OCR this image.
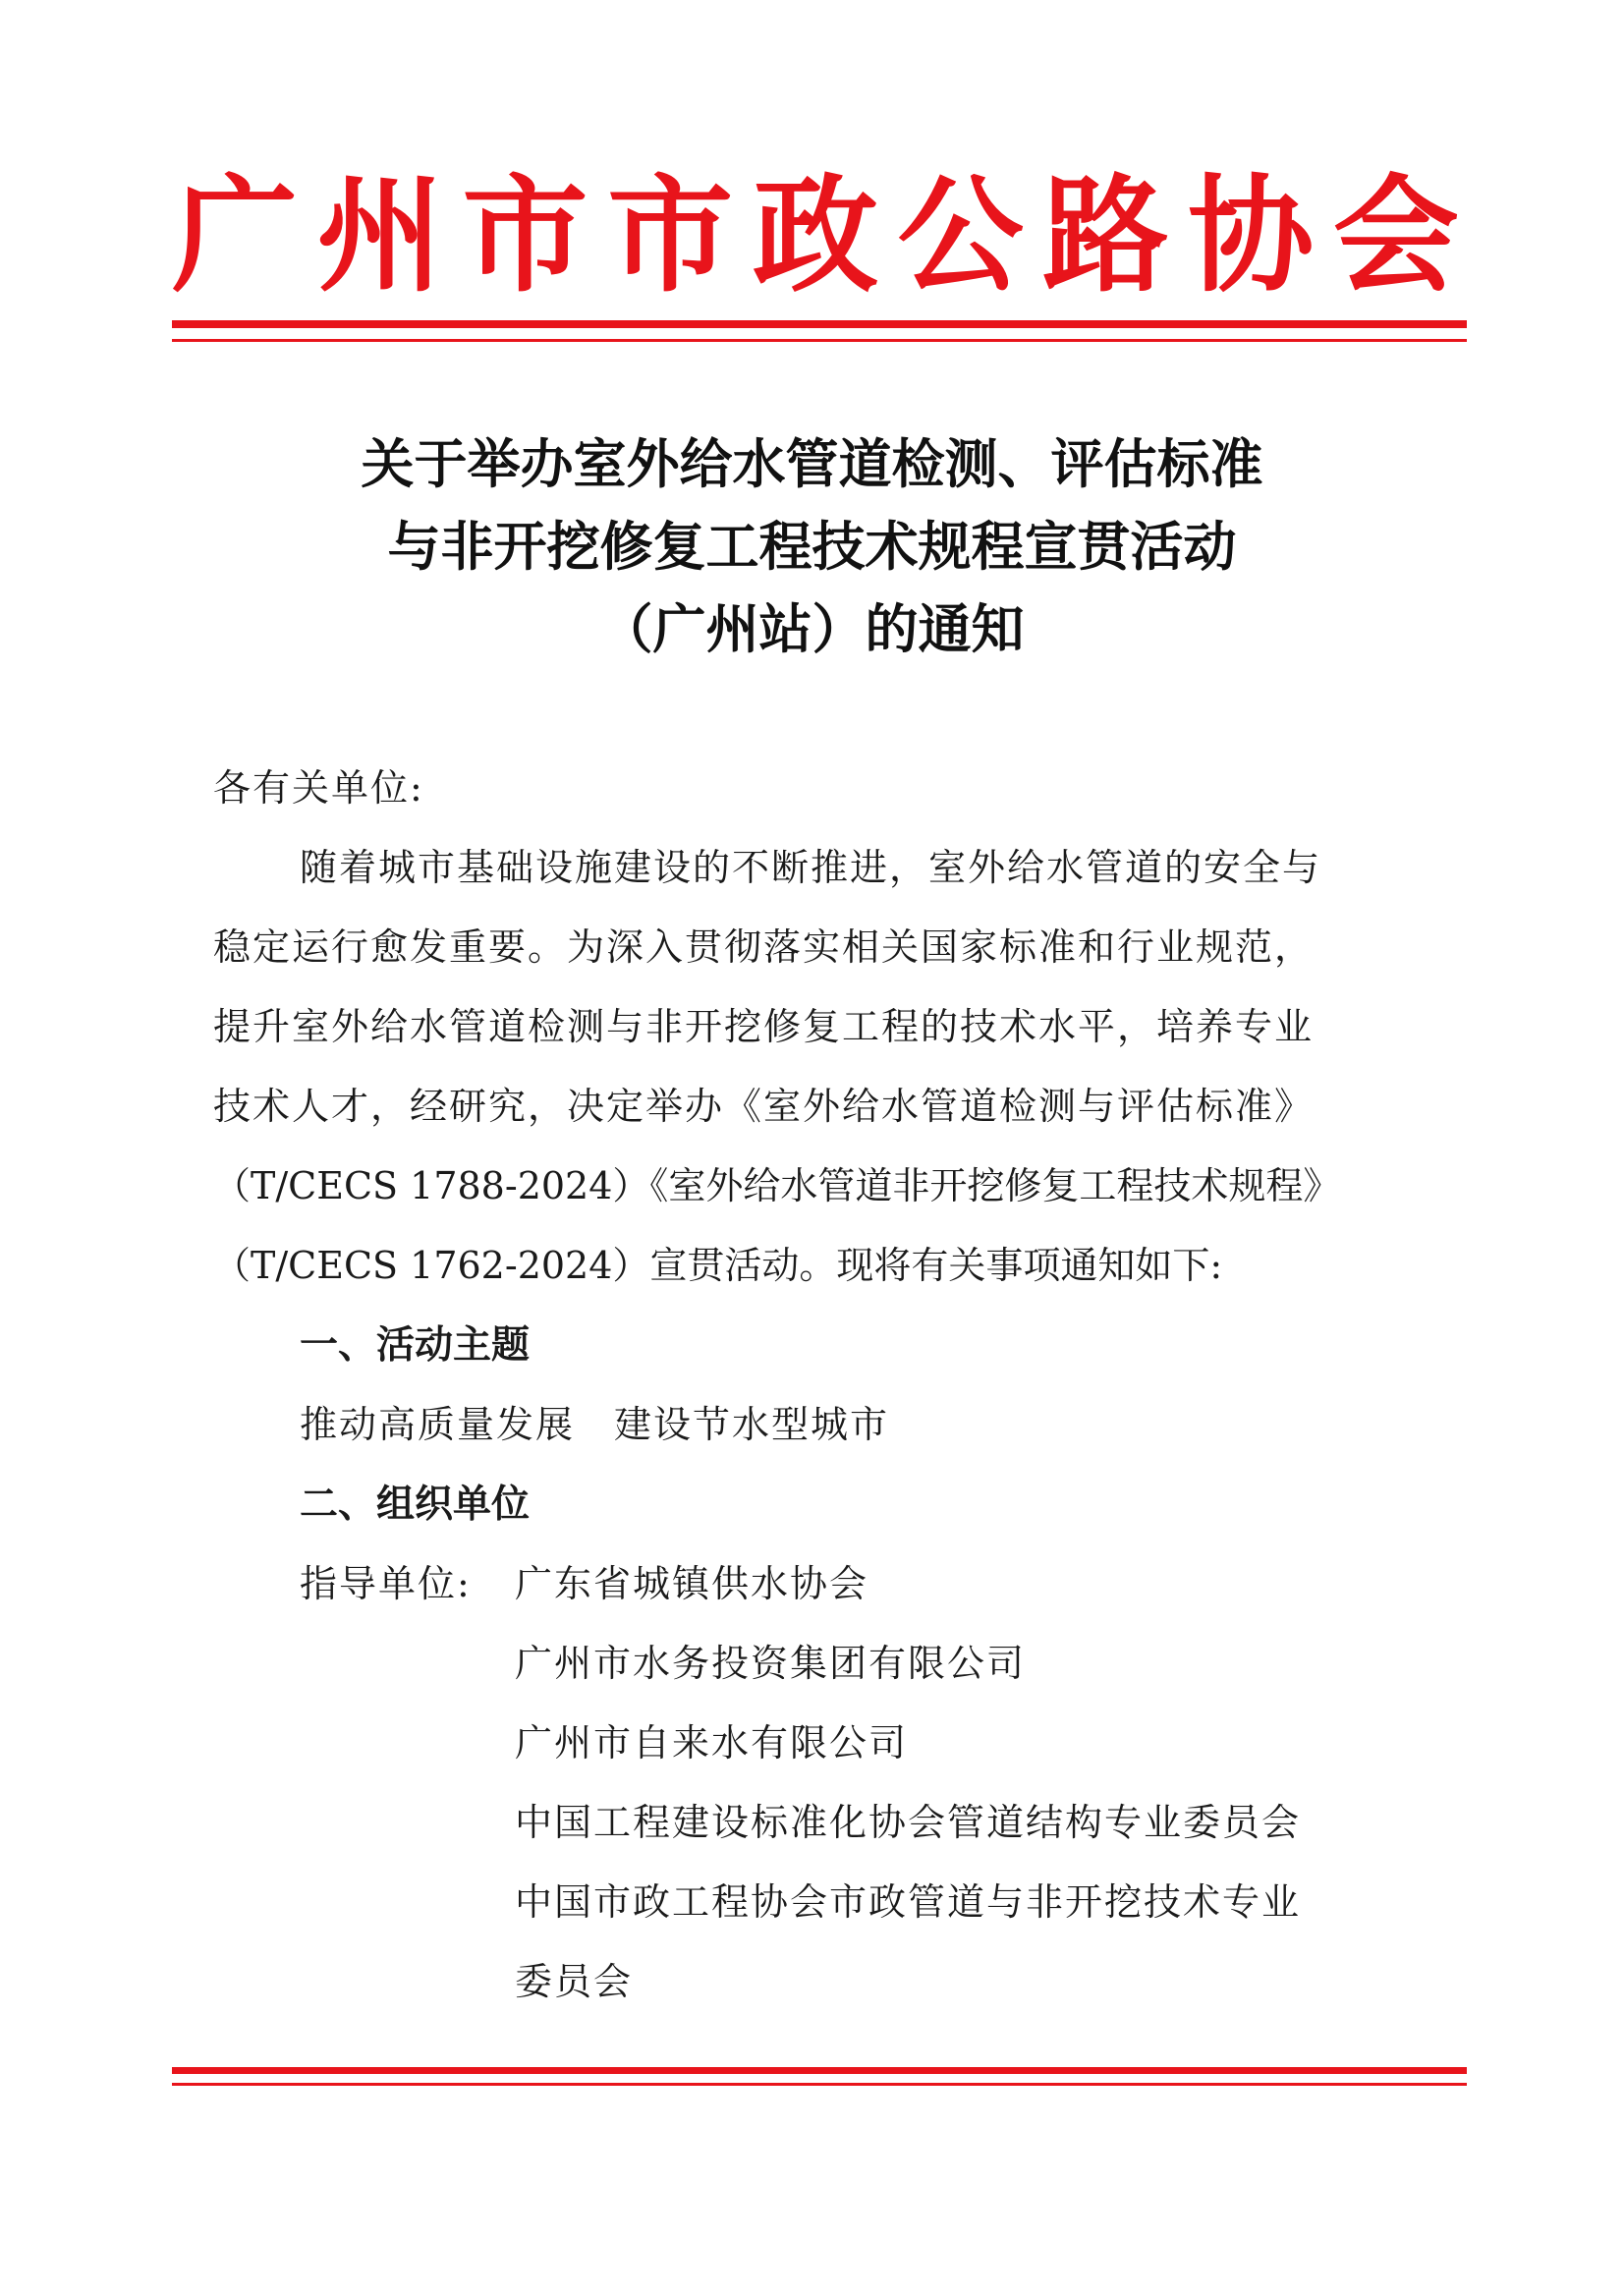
广 州 市 市 政 公 路 协 会
关于举办室外给水管道检测、评估标准
与非开挖修复工程技术规程宣贯活动
（广州站）的通知
各有关单位:
随着城市基础设施建设的不断推进，室外给水管道的安全与
稳定运行愈发重要。为深入贯彻落实相关国家标准和行业规范，
提升室外给水管道检测与非开挖修复工程的技术水平，培养专业
技术人才，经研究，决定举办《室外给水管道检测与评估标准》
（T/CECS 1788-2024）《室外给水管道非开挖修复工程技术规程》
（T/CECS 1762-2024）宣贯活动。现将有关事项通知如下:
一、活动主题
推动高质量发展　建设节水型城市
二、组织单位
指导单位:	广东省城镇供水协会
广州市水务投资集团有限公司
广州市自来水有限公司
中国工程建设标准化协会管道结构专业委员会
中国市政工程协会市政管道与非开挖技术专业
委员会
